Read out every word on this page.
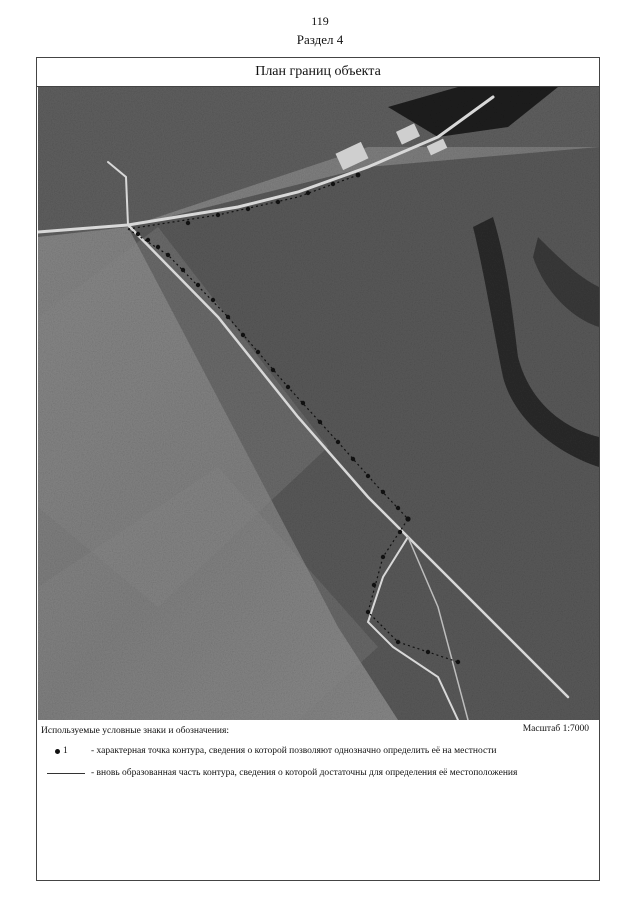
119
Раздел 4
План границ объекта
Используемые условные знаки и обозначения:	Масштаб 1:7000
1 - характерная точка контура, сведения о которой позволяют однозначно определить её на местности
- вновь образованная часть контура, сведения о которой достаточны для определения её местоположения
